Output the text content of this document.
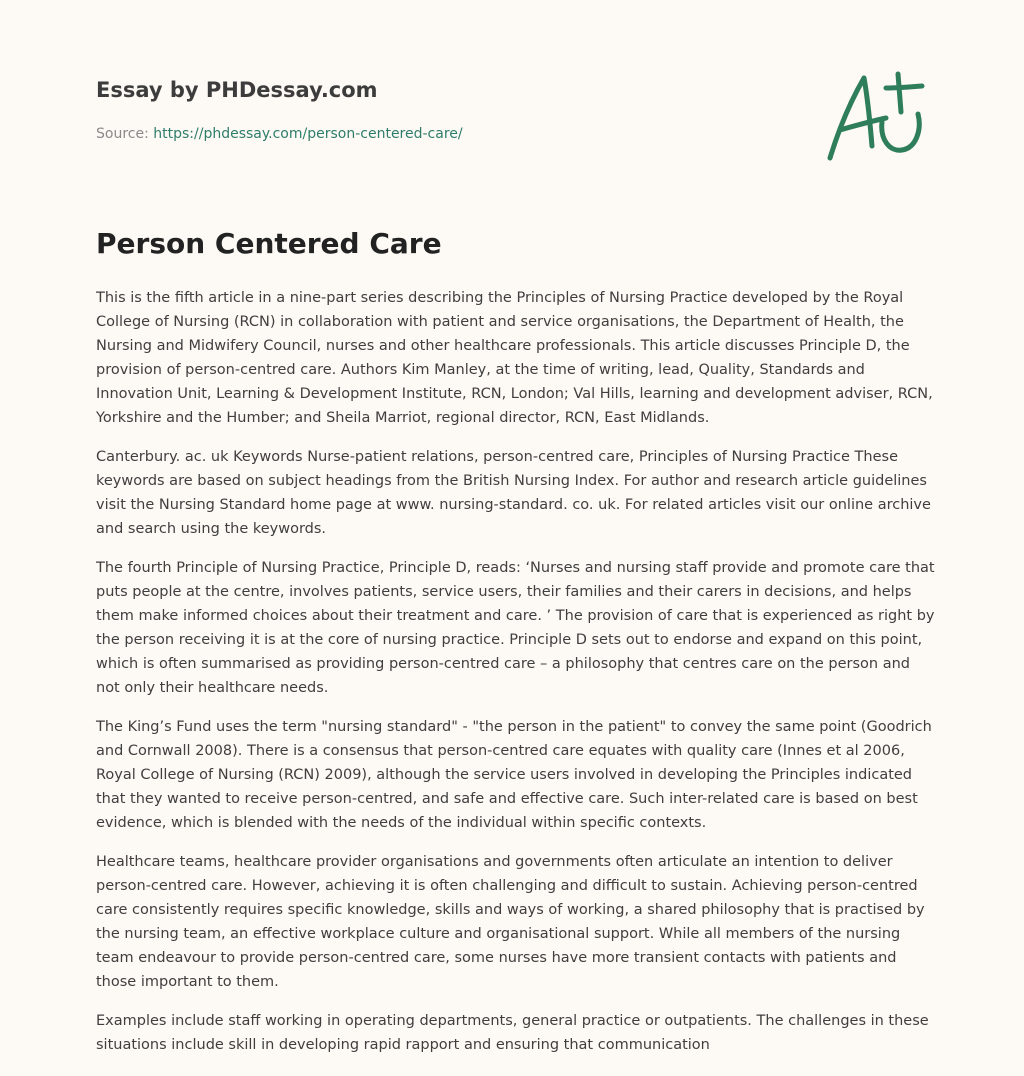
Essay by PHDessay.com

Source: https://phdessay.com/person-centered-care/
Person Centered Care

This is the fifth article in a nine-part series describing the Principles of Nursing Practice developed by the Royal College of Nursing (RCN) in collaboration with patient and service organisations, the Department of Health, the Nursing and Midwifery Council, nurses and other healthcare professionals. This article discusses Principle D, the provision of person-centred care. Authors Kim Manley, at the time of writing, lead, Quality, Standards and Innovation Unit, Learning & Development Institute, RCN, London; Val Hills, learning and development adviser, RCN, Yorkshire and the Humber; and Sheila Marriot, regional director, RCN, East Midlands.

Canterbury. ac. uk Keywords Nurse-patient relations, person-centred care, Principles of Nursing Practice These keywords are based on subject headings from the British Nursing Index. For author and research article guidelines visit the Nursing Standard home page at www. nursing-standard. co. uk. For related articles visit our online archive and search using the keywords.

The fourth Principle of Nursing Practice, Principle D, reads: ‘Nurses and nursing staff provide and promote care that puts people at the centre, involves patients, service users, their families and their carers in decisions, and helps them make informed choices about their treatment and care. ’ The provision of care that is experienced as right by the person receiving it is at the core of nursing practice. Principle D sets out to endorse and expand on this point, which is often summarised as providing person-centred care – a philosophy that centres care on the person and not only their healthcare needs.

The King’s Fund uses the term "nursing standard" - "the person in the patient" to convey the same point (Goodrich and Cornwall 2008). There is a consensus that person-centred care equates with quality care (Innes et al 2006, Royal College of Nursing (RCN) 2009), although the service users involved in developing the Principles indicated that they wanted to receive person-centred, and safe and effective care. Such inter-related care is based on best evidence, which is blended with the needs of the individual within specific contexts.

Healthcare teams, healthcare provider organisations and governments often articulate an intention to deliver person-centred care. However, achieving it is often challenging and difficult to sustain. Achieving person-centred care consistently requires specific knowledge, skills and ways of working, a shared philosophy that is practised by the nursing team, an effective workplace culture and organisational support. While all members of the nursing team endeavour to provide person-centred care, some nurses have more transient contacts with patients and those important to them.

Examples include staff working in operating departments, general practice or outpatients. The challenges in these situations include skill in developing rapid rapport and ensuring that communication
